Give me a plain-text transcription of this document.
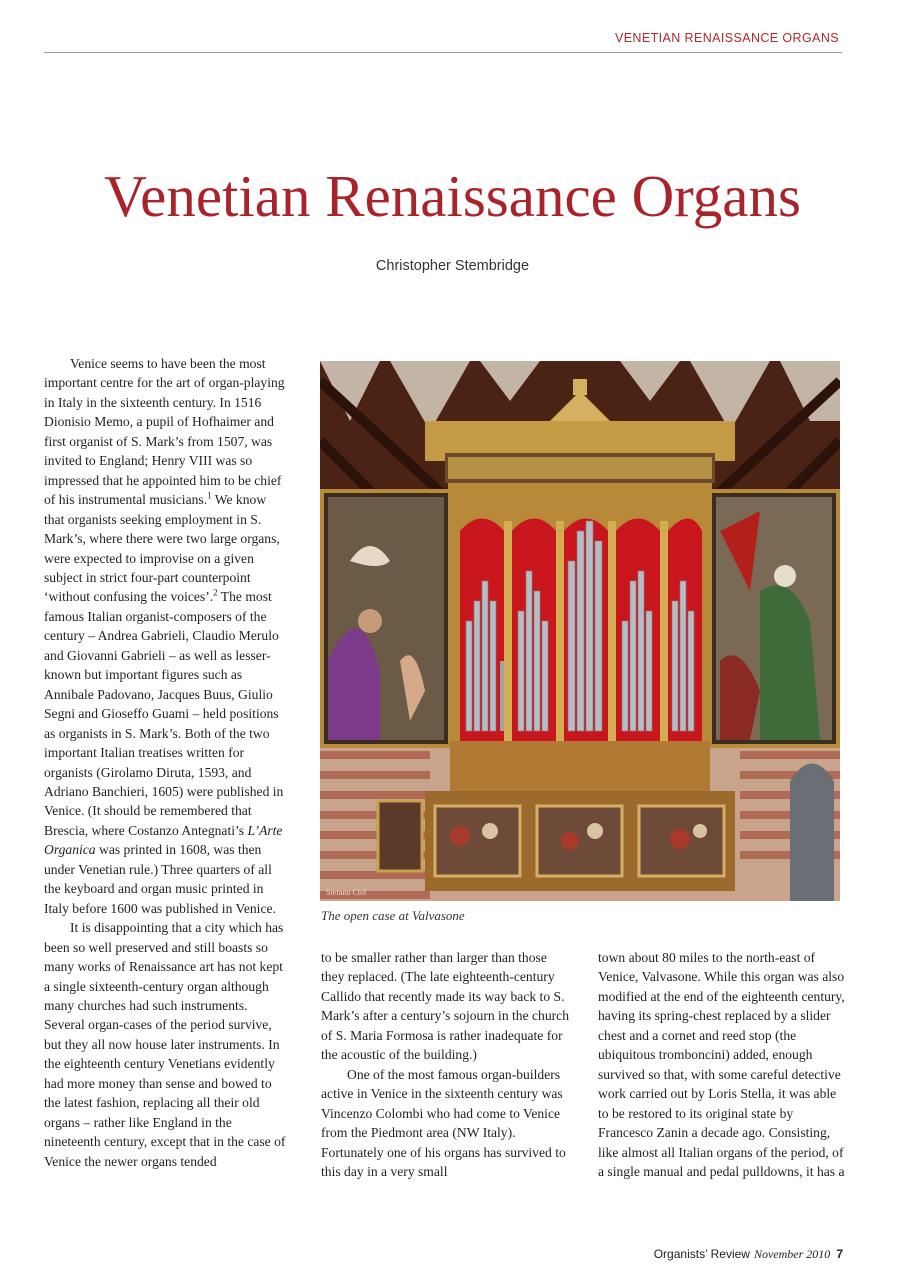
VENETIAN RENAISSANCE ORGANS
Venetian Renaissance Organs
Christopher Stembridge

Venice seems to have been the most important centre for the art of organ-playing in Italy in the sixteenth century. In 1516 Dionisio Memo, a pupil of Hofhaimer and first organist of S. Mark’s from 1507, was invited to England; Henry VIII was so impressed that he appointed him to be chief of his instrumental musicians.$^1$ We know that organists seeking employment in S. Mark’s, where there were two large organs, were expected to improvise on a given subject in strict four-part counterpoint ‘without confusing the voices’.$^2$ The most famous Italian organist-composers of the century – Andrea Gabrieli, Claudio Merulo and Giovanni Gabrieli – as well as lesser-known but important figures such as Annibale Padovano, Jacques Buus, Giulio Segni and Gioseffo Guami – held positions as organists in S. Mark’s. Both of the two important Italian treatises written for organists (Girolamo Diruta, 1593, and Adriano Banchieri, 1605) were published in Venice. (It should be remembered that Brescia, where Costanzo Antegnati’s L’Arte Organica was printed in 1608, was then under Venetian rule.) Three quarters of all the keyboard and organ music printed in Italy before 1600 was published in Venice.

It is disappointing that a city which has been so well preserved and still boasts so many works of Renaissance art has not kept a single sixteenth-century organ although many churches had such instruments. Several organ-cases of the period survive, but they all now house later instruments. In the eighteenth century Venetians evidently had more money than sense and bowed to the latest fashion, replacing all their old organs – rather like England in the nineteenth century, except that in the case of Venice the newer organs tended

Stefano Ciol
The open case at Valvasone

to be smaller rather than larger than those they replaced. (The late eighteenth-century Callido that recently made its way back to S. Mark’s after a century’s sojourn in the church of S. Maria Formosa is rather inadequate for the acoustic of the building.)

One of the most famous organ-builders active in Venice in the sixteenth century was Vincenzo Colombi who had come to Venice from the Piedmont area (NW Italy). Fortunately one of his organs has survived to this day in a very small

town about 80 miles to the north-east of Venice, Valvasone. While this organ was also modified at the end of the eighteenth century, having its spring-chest replaced by a slider chest and a cornet and reed stop (the ubiquitous tromboncini) added, enough survived so that, with some careful detective work carried out by Loris Stella, it was able to be restored to its original state by Francesco Zanin a decade ago. Consisting, like almost all Italian organs of the period, of a single manual and pedal pulldowns, it has a

Organists’ Review November 2010 7
